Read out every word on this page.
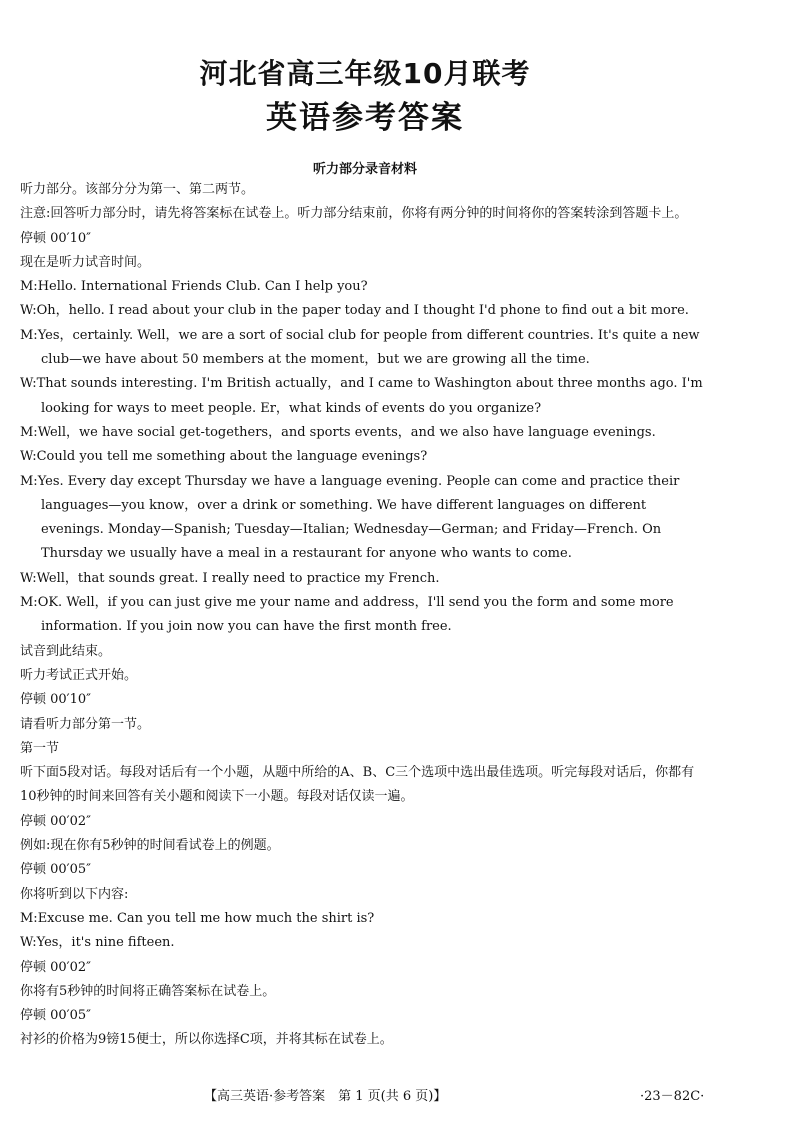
河北省高三年级10月联考
英语参考答案
听力部分录音材料
听力部分。该部分分为第一、第二两节。
注意:回答听力部分时，请先将答案标在试卷上。听力部分结束前，你将有两分钟的时间将你的答案转涂到答题卡上。
停顿 00′10″
现在是听力试音时间。
M:Hello. International Friends Club. Can I help you?
W:Oh，hello. I read about your club in the paper today and I thought I'd phone to find out a bit more.
M:Yes，certainly. Well，we are a sort of social club for people from different countries. It's quite a new club—we have about 50 members at the moment，but we are growing all the time.
W:That sounds interesting. I'm British actually，and I came to Washington about three months ago. I'm looking for ways to meet people. Er，what kinds of events do you organize?
M:Well，we have social get-togethers，and sports events，and we also have language evenings.
W:Could you tell me something about the language evenings?
M:Yes. Every day except Thursday we have a language evening. People can come and practice their languages—you know，over a drink or something. We have different languages on different evenings. Monday—Spanish; Tuesday—Italian; Wednesday—German; and Friday—French. On Thursday we usually have a meal in a restaurant for anyone who wants to come.
W:Well，that sounds great. I really need to practice my French.
M:OK. Well，if you can just give me your name and address，I'll send you the form and some more information. If you join now you can have the first month free.
试音到此结束。
听力考试正式开始。
停顿 00′10″
请看听力部分第一节。
第一节
听下面5段对话。每段对话后有一个小题，从题中所给的A、B、C三个选项中选出最佳选项。听完每段对话后，你都有10秒钟的时间来回答有关小题和阅读下一小题。每段对话仅读一遍。
停顿 00′02″
例如:现在你有5秒钟的时间看试卷上的例题。
停顿 00′05″
你将听到以下内容:
M:Excuse me. Can you tell me how much the shirt is?
W:Yes，it's nine fifteen.
停顿 00′02″
你将有5秒钟的时间将正确答案标在试卷上。
停顿 00′05″
衬衫的价格为9镑15便士，所以你选择C项，并将其标在试卷上。
【高三英语·参考答案　第 1 页(共 6 页)】	·23－82C·
